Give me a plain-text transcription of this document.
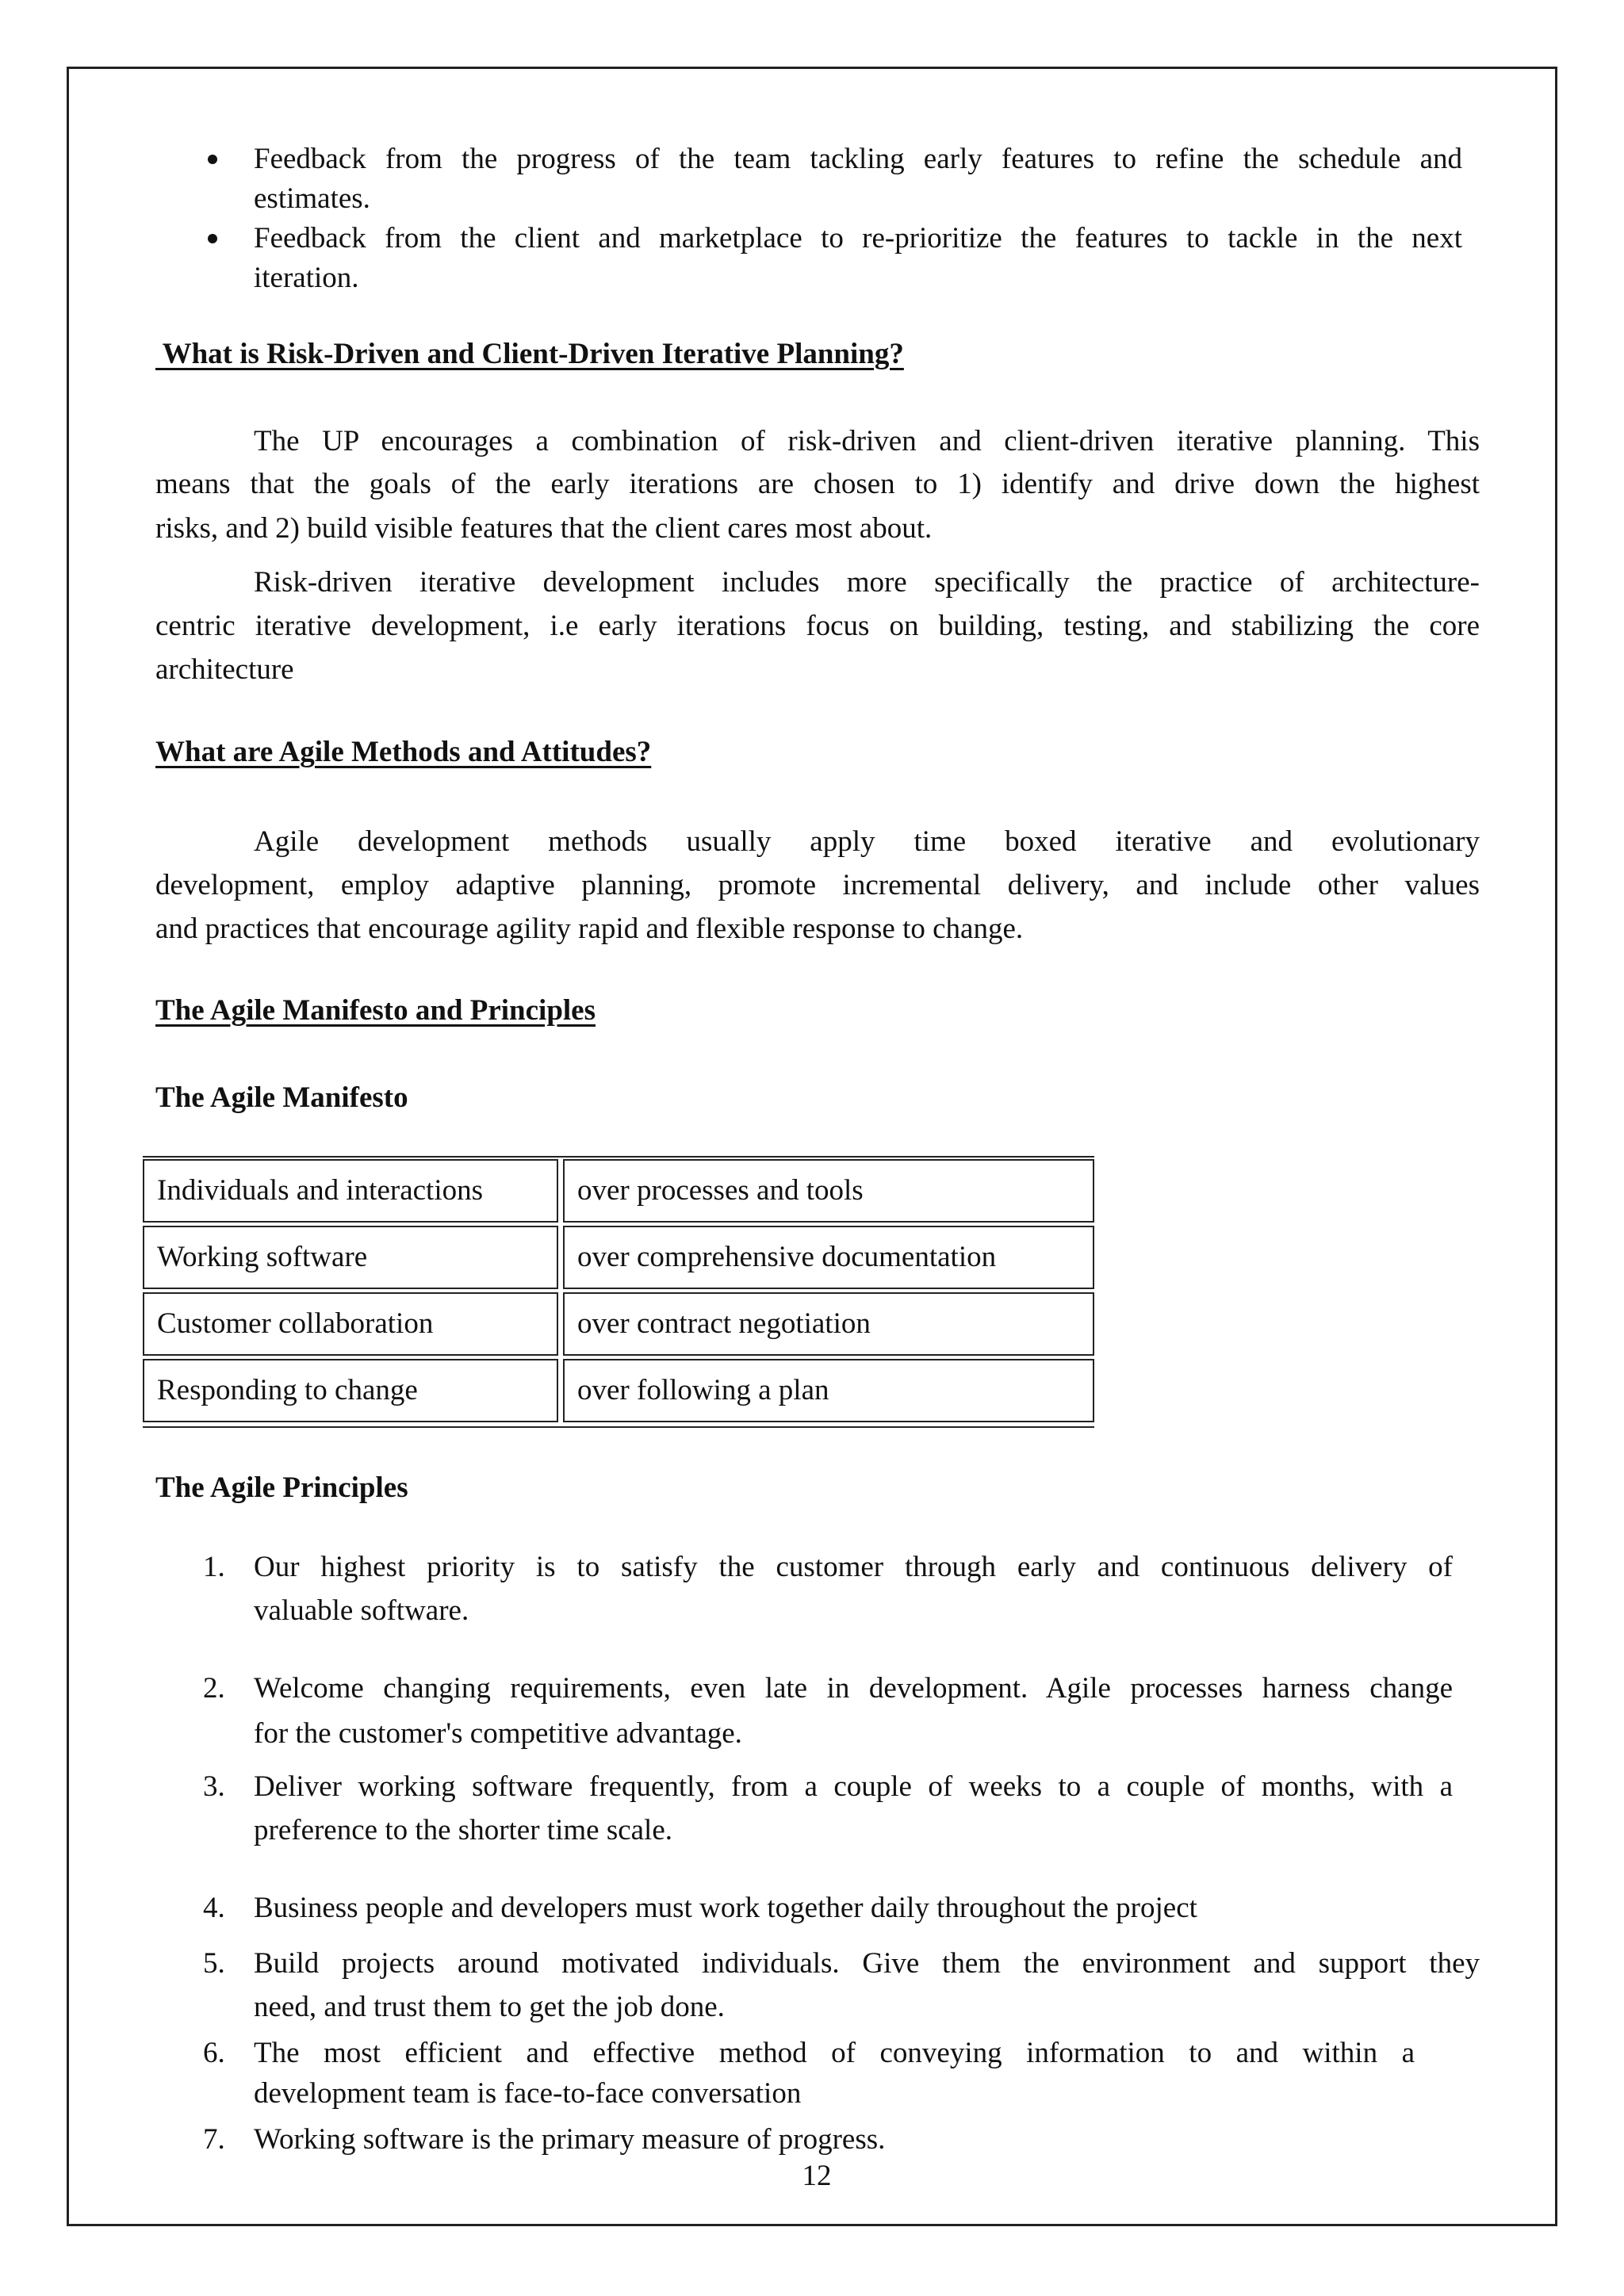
Feedback from the progress of the team tackling early features to refine the schedule and
estimates.
Feedback from the client and marketplace to re-prioritize the features to tackle in the next
iteration.
What is Risk-Driven and Client-Driven Iterative Planning?
The UP encourages a combination of risk-driven and client-driven iterative planning. This
means that the goals of the early iterations are chosen to 1) identify and drive down the highest
risks, and 2) build visible features that the client cares most about.
Risk-driven iterative development includes more specifically the practice of architecture-
centric iterative development, i.e early iterations focus on building, testing, and stabilizing the core
architecture
What are Agile Methods and Attitudes?
Agile development methods usually apply time boxed iterative and evolutionary
development, employ adaptive planning, promote incremental delivery, and include other values
and practices that encourage agility rapid and flexible response to change.
The Agile Manifesto and Principles
The Agile Manifesto
Individuals and interactions	over processes and tools
Working software	over comprehensive documentation
Customer collaboration	over contract negotiation
Responding to change	over following a plan
The Agile Principles
1. Our highest priority is to satisfy the customer through early and continuous delivery of
valuable software.
2. Welcome changing requirements, even late in development. Agile processes harness change
for the customer's competitive advantage.
3. Deliver working software frequently, from a couple of weeks to a couple of months, with a
preference to the shorter time scale.
4. Business people and developers must work together daily throughout the project
5. Build projects around motivated individuals. Give them the environment and support they
need, and trust them to get the job done.
6. The most efficient and effective method of conveying information to and within a
development team is face-to-face conversation
7. Working software is the primary measure of progress.
12
